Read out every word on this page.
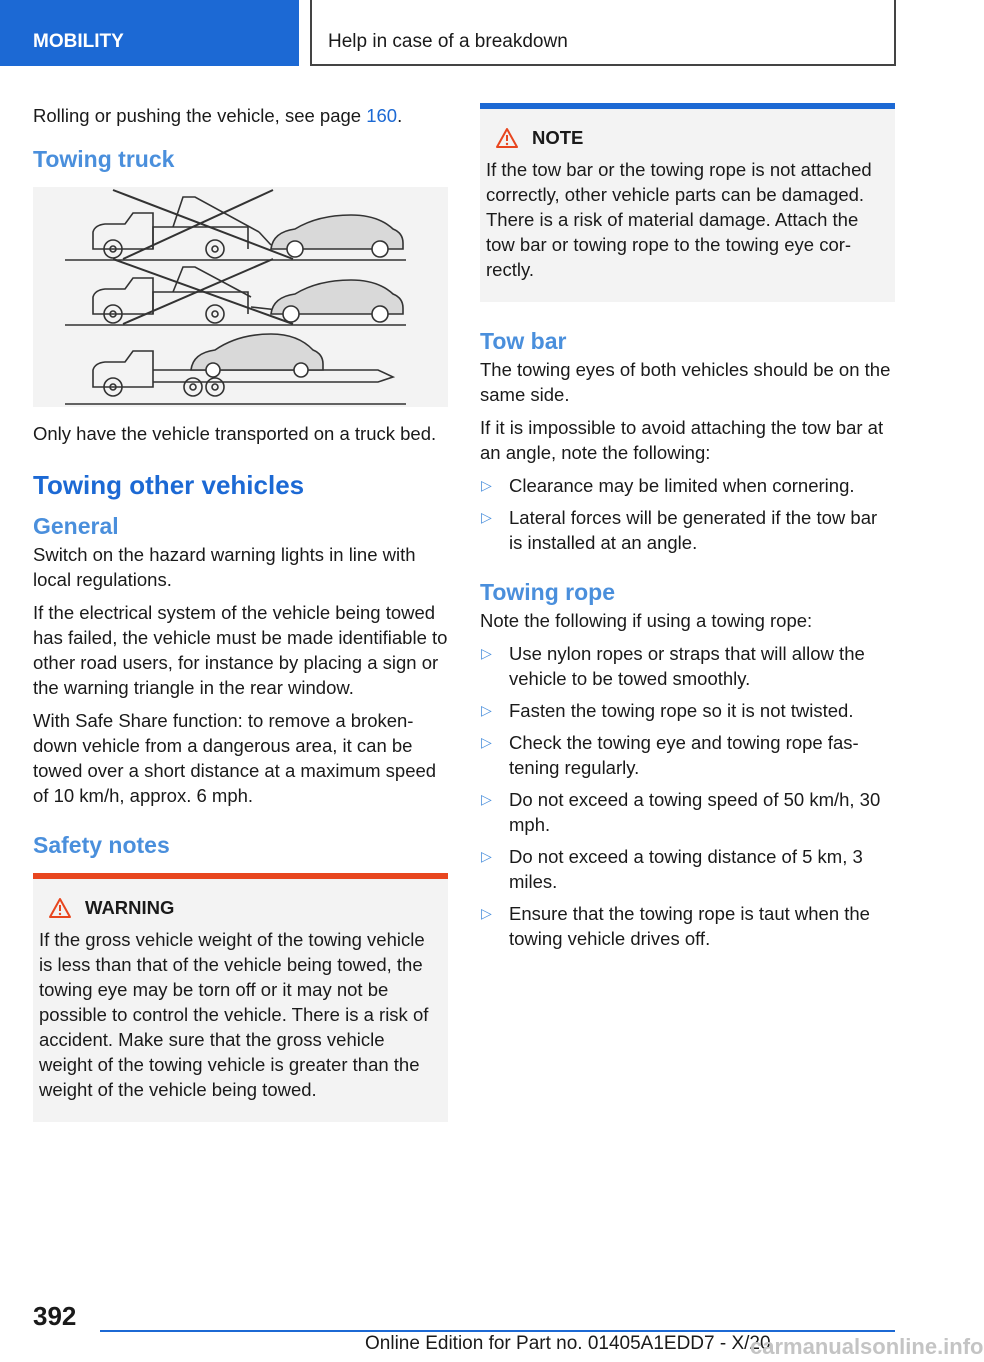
MOBILITY	Help in case of a breakdown

Rolling or pushing the vehicle, see page 160.

Towing truck

Only have the vehicle transported on a truck bed.

Towing other vehicles
General

Switch on the hazard warning lights in line with local regulations.

If the electrical system of the vehicle being towed has failed, the vehicle must be made identifiable to other road users, for instance by placing a sign or the warning triangle in the rear window.

With Safe Share function: to remove a broken-down vehicle from a dangerous area, it can be towed over a short distance at a maximum speed of 10 km/h, approx. 6 mph.

Safety notes
WARNING

If the gross vehicle weight of the towing vehicle is less than that of the vehicle being towed, the towing eye may be torn off or it may not be possible to control the vehicle. There is a risk of accident. Make sure that the gross vehicle weight of the towing vehicle is greater than the weight of the vehicle being towed.

NOTE

If the tow bar or the towing rope is not attached correctly, other vehicle parts can be damaged. There is a risk of material damage. Attach the tow bar or towing rope to the towing eye correctly.

Tow bar

The towing eyes of both vehicles should be on the same side.

If it is impossible to avoid attaching the tow bar at an angle, note the following:

▷ Clearance may be limited when cornering.
▷ Lateral forces will be generated if the tow bar is installed at an angle.
Towing rope

Note the following if using a towing rope:

▷ Use nylon ropes or straps that will allow the vehicle to be towed smoothly.
▷ Fasten the towing rope so it is not twisted.
▷ Check the towing eye and towing rope fastening regularly.
▷ Do not exceed a towing speed of 50 km/h, 30 mph.
▷ Do not exceed a towing distance of 5 km, 3 miles.
▷ Ensure that the towing rope is taut when the towing vehicle drives off.
392
Online Edition for Part no. 01405A1EDD7 - X/20
carmanualsonline.info
